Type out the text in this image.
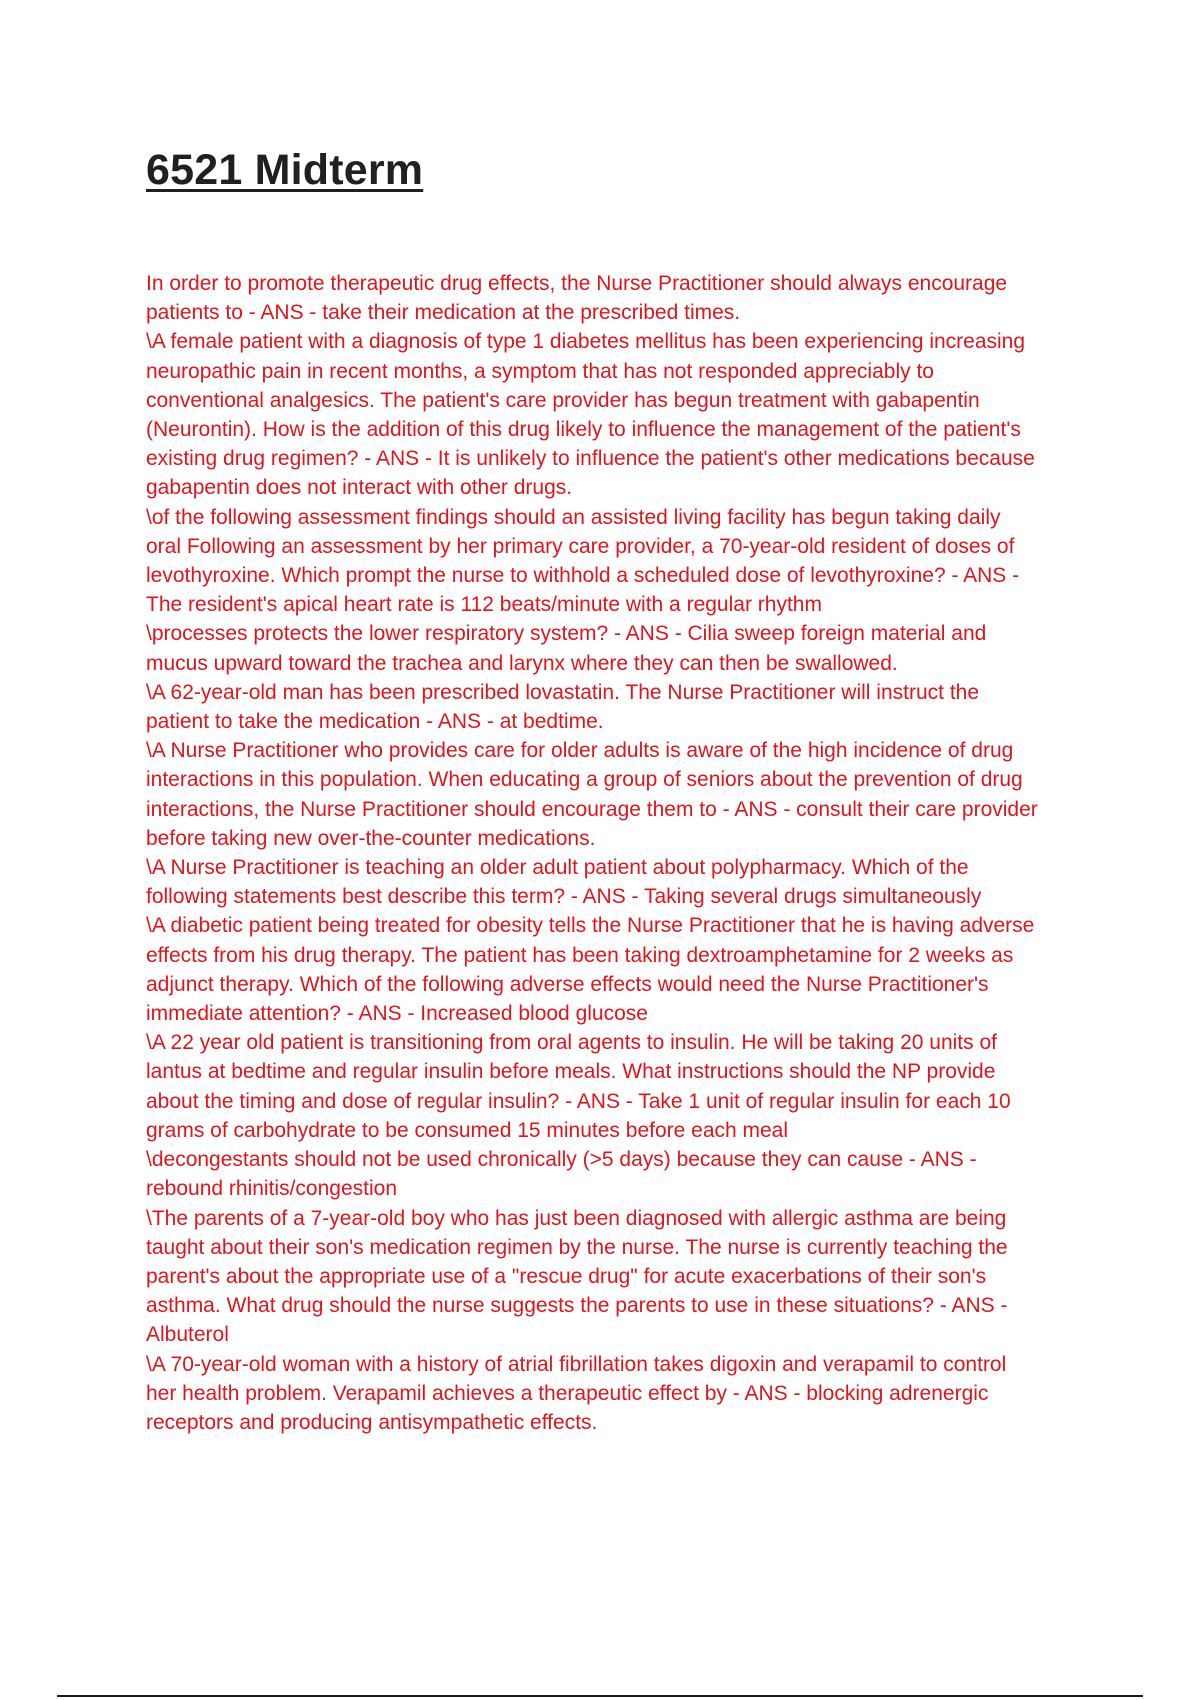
6521 Midterm
In order to promote therapeutic drug effects, the Nurse Practitioner should always encourage
patients to - ANS - take their medication at the prescribed times.
\A female patient with a diagnosis of type 1 diabetes mellitus has been experiencing increasing
neuropathic pain in recent months, a symptom that has not responded appreciably to
conventional analgesics. The patient's care provider has begun treatment with gabapentin
(Neurontin). How is the addition of this drug likely to influence the management of the patient's
existing drug regimen? - ANS - It is unlikely to influence the patient's other medications because
gabapentin does not interact with other drugs.
\of the following assessment findings should an assisted living facility has begun taking daily
oral Following an assessment by her primary care provider, a 70-year-old resident of doses of
levothyroxine. Which prompt the nurse to withhold a scheduled dose of levothyroxine? - ANS -
The resident's apical heart rate is 112 beats/minute with a regular rhythm
\processes protects the lower respiratory system? - ANS - Cilia sweep foreign material and
mucus upward toward the trachea and larynx where they can then be swallowed.
\A 62-year-old man has been prescribed lovastatin. The Nurse Practitioner will instruct the
patient to take the medication - ANS - at bedtime.
\A Nurse Practitioner who provides care for older adults is aware of the high incidence of drug
interactions in this population. When educating a group of seniors about the prevention of drug
interactions, the Nurse Practitioner should encourage them to - ANS - consult their care provider
before taking new over-the-counter medications.
\A Nurse Practitioner is teaching an older adult patient about polypharmacy. Which of the
following statements best describe this term? - ANS - Taking several drugs simultaneously
\A diabetic patient being treated for obesity tells the Nurse Practitioner that he is having adverse
effects from his drug therapy. The patient has been taking dextroamphetamine for 2 weeks as
adjunct therapy. Which of the following adverse effects would need the Nurse Practitioner's
immediate attention? - ANS - Increased blood glucose
\A 22 year old patient is transitioning from oral agents to insulin. He will be taking 20 units of
lantus at bedtime and regular insulin before meals. What instructions should the NP provide
about the timing and dose of regular insulin? - ANS - Take 1 unit of regular insulin for each 10
grams of carbohydrate to be consumed 15 minutes before each meal
\decongestants should not be used chronically (>5 days) because they can cause - ANS -
rebound rhinitis/congestion
\The parents of a 7-year-old boy who has just been diagnosed with allergic asthma are being
taught about their son's medication regimen by the nurse. The nurse is currently teaching the
parent's about the appropriate use of a "rescue drug" for acute exacerbations of their son's
asthma. What drug should the nurse suggests the parents to use in these situations? - ANS -
Albuterol
\A 70-year-old woman with a history of atrial fibrillation takes digoxin and verapamil to control
her health problem. Verapamil achieves a therapeutic effect by - ANS - blocking adrenergic
receptors and producing antisympathetic effects.
